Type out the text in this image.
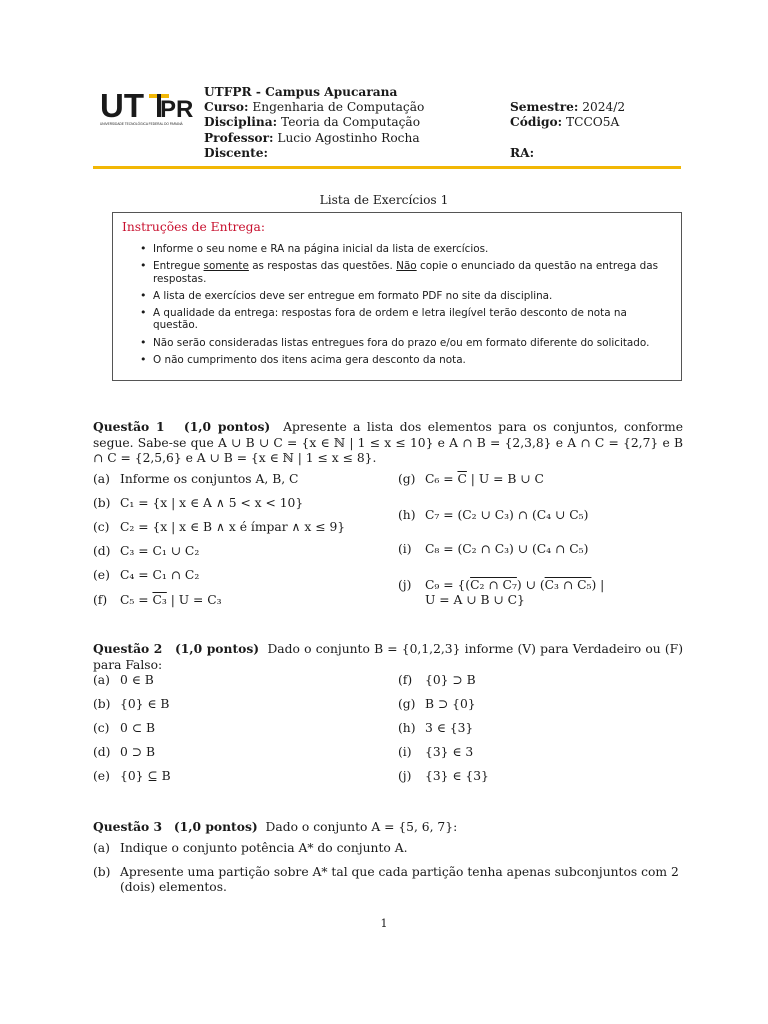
UT PR
UNIVERSIDADE TECNOLÓGICA FEDERAL DO PARANÁ
UTFPR - Campus Apucarana
Curso: Engenharia de Computação
Disciplina: Teoria da Computação
Professor: Lucio Agostinho Rocha
Discente:
Semestre: 2024/2
Código: TCCO5A

RA:
Lista de Exercícios 1
Instruções de Entrega:
• Informe o seu nome e RA na página inicial da lista de exercícios.
• Entregue somente as respostas das questões. Não copie o enunciado da questão na entrega das respostas.
• A lista de exercícios deve ser entregue em formato PDF no site da disciplina.
• A qualidade da entrega: respostas fora de ordem e letra ilegível terão desconto de nota na questão.
• Não serão consideradas listas entregues fora do prazo e/ou em formato diferente do solicitado.
• O não cumprimento dos itens acima gera desconto da nota.
Questão 1 (1,0 pontos) Apresente a lista dos elementos para os conjuntos, conforme segue. Sabe-se que A ∪ B ∪ C = {x ∈ ℕ | 1 ≤ x ≤ 10} e A ∩ B = {2,3,8} e A ∩ C = {2,7} e B ∩ C = {2,5,6} e A ∪ B = {x ∈ ℕ | 1 ≤ x ≤ 8}.
(a) Informe os conjuntos A, B, C
(b) C₁ = {x | x ∈ A ∧ 5 < x < 10}
(c) C₂ = {x | x ∈ B ∧ x é ímpar ∧ x ≤ 9}
(d) C₃ = C₁ ∪ C₂
(e) C₄ = C₁ ∩ C₂
(f) C₅ = C₃ | U = C₃
(g) $C_6 = \overline{C}$ | U = B ∪ C
(h) C₇ = (C₂ ∪ C₃) ∩ (C₄ ∪ C₅)
(i) C₈ = (C₂ ∩ C₃) ∪ (C₄ ∩ C₅)
(j) C₉ = {(C₂ ∩ C₇) ∪ (C₃ ∩ C₅) |
U = A ∪ B ∪ C}
Questão 2 (1,0 pontos) Dado o conjunto B = {0,1,2,3} informe (V) para Verdadeiro ou (F) para Falso:
(a) 0 ∈ B
(b) {0} ∈ B
(c) 0 ⊂ B
(d) 0 ⊃ B
(e) {0} ⊆ B
(f) {0} ⊃ B
(g) B ⊃ {0}
(h) 3 ∈ {3}
(i) {3} ∈ 3
(j) {3} ∈ {3}
Questão 3 (1,0 pontos) Dado o conjunto A = {5, 6, 7}:
(a) Indique o conjunto potência A* do conjunto A.
(b) Apresente uma partição sobre A* tal que cada partição tenha apenas subconjuntos com 2 (dois) elementos.
1
